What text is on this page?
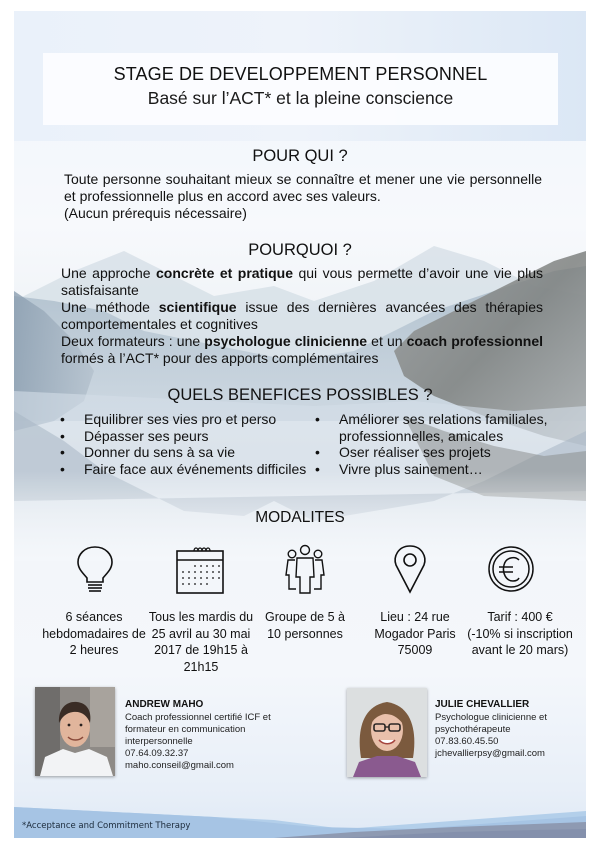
STAGE DE DEVELOPPEMENT PERSONNEL
Basé sur l’ACT* et la pleine conscience
POUR QUI ?
Toute personne souhaitant mieux se connaître et mener une vie personnelle et professionnelle plus en accord avec ses valeurs.
(Aucun prérequis nécessaire)
POURQUOI ?
Une approche concrète et pratique qui vous permette d’avoir une vie plus satisfaisante
Une méthode scientifique issue des dernières avancées des thérapies comportementales et cognitives
Deux formateurs : une psychologue clinicienne et un coach professionnel formés à l’ACT* pour des apports complémentaires
QUELS BENEFICES POSSIBLES ?
• Equilibrer ses vies pro et perso
• Dépasser ses peurs
• Donner du sens à sa vie
• Faire face aux événements difficiles
• Améliorer ses relations familiales,
professionnelles, amicales
• Oser réaliser ses projets
• Vivre plus sainement…
MODALITES
6 séances
hebdomadaires de
2 heures
Tous les mardis du
25 avril au 30 mai
2017 de 19h15 à
21h15
Groupe de 5 à
10 personnes
Lieu : 24 rue
Mogador Paris
75009
Tarif : 400 €
(-10% si inscription
avant le 20 mars)
ANDREW MAHO
Coach professionnel certifié ICF et
formateur en communication
interpersonnelle
07.64.09.32.37
maho.conseil@gmail.com
JULIE CHEVALLIER
Psychologue clinicienne et
psychothérapeute
07.83.60.45.50
jchevallierpsy@gmail.com
*Acceptance and Commitment Therapy
